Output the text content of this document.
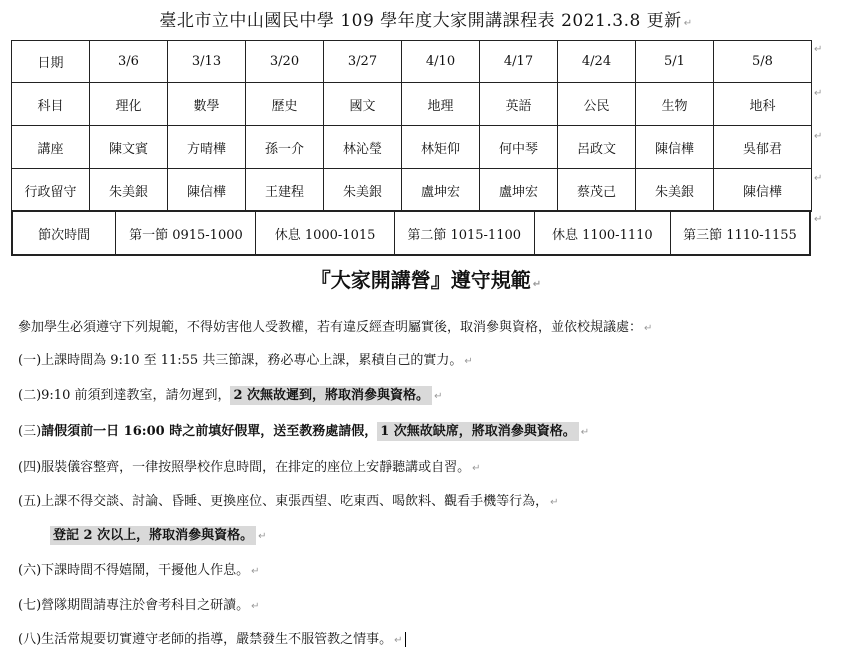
臺北市立中山國民中學 109 學年度大家開講課程表 2021.3.8 更新 ↵
日期	3/6	3/13	3/20	3/27	4/10	4/17	4/24	5/1	5/8
科目	理化	數學	歷史	國文	地理	英語	公民	生物	地科
講座	陳文賓	方晴樺	孫一介	林沁瑩	林矩仰	何中琴	呂政文	陳信樺	吳郁君
行政留守	朱美銀	陳信樺	王建程	朱美銀	盧坤宏	盧坤宏	蔡茂己	朱美銀	陳信樺
↵
↵
↵
↵
↵
節次時間	第一節 0915-1000	休息 1000-1015	第二節 1015-1100	休息 1100-1110	第三節 1110-1155
『大家開講營』遵守規範 ↵
參加學生必須遵守下列規範，不得妨害他人受教權，若有違反經查明屬實後，取消參與資格，並依校規議處： ↵
(一)上課時間為 9:10 至 11:55 共三節課，務必專心上課，累積自己的實力。 ↵
(二)9:10 前須到達教室，請勿遲到， 2 次無故遲到，將取消參與資格。 ↵
(三)請假須前一日 16:00 時之前填好假單，送至教務處請假， 1 次無故缺席，將取消參與資格。 ↵
(四)服裝儀容整齊，一律按照學校作息時間，在排定的座位上安靜聽講或自習。 ↵
(五)上課不得交談、討論、昏睡、更換座位、東張西望、吃東西、喝飲料、觀看手機等行為， ↵
登記 2 次以上，將取消參與資格。 ↵
(六)下課時間不得嬉鬧，干擾他人作息。 ↵
(七)營隊期間請專注於會考科目之研讀。 ↵
(八)生活常規要切實遵守老師的指導，嚴禁發生不服管教之情事。 ↵
